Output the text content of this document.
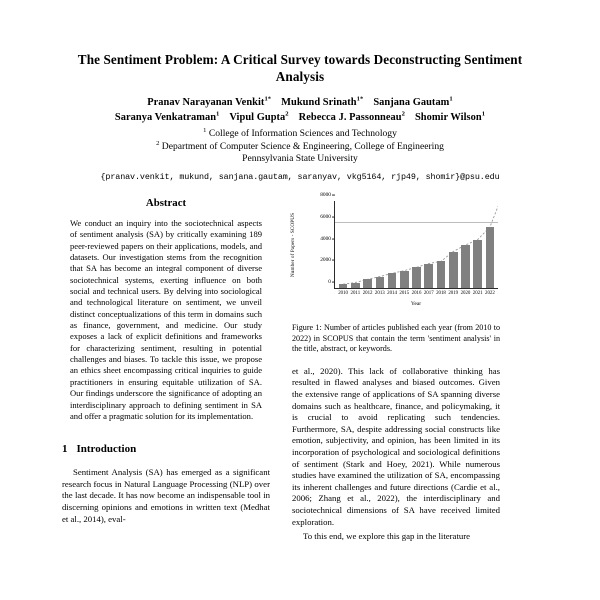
The Sentiment Problem: A Critical Survey towards Deconstructing Sentiment Analysis
Pranav Narayanan Venkit$^{1*}$ Mukund Srinath$^{1*}$ Sanjana Gautam$^1$
Saranya Venkatraman$^1$ Vipul Gupta$^2$ Rebecca J. Passonneau$^2$ Shomir Wilson$^1$
$^1$ College of Information Sciences and Technology
$^2$ Department of Computer Science & Engineering, College of Engineering
Pennsylvania State University
{pranav.venkit, mukund, sanjana.gautam, saranyav, vkg5164, rjp49, shomir}@psu.edu
Abstract

We conduct an inquiry into the sociotechnical aspects of sentiment analysis (SA) by critically examining 189 peer-reviewed papers on their applications, models, and datasets. Our investigation stems from the recognition that SA has become an integral component of diverse sociotechnical systems, exerting influence on both social and technical users. By delving into sociological and technological literature on sentiment, we unveil distinct conceptualizations of this term in domains such as finance, government, and medicine. Our study exposes a lack of explicit definitions and frameworks for characterizing sentiment, resulting in potential challenges and biases. To tackle this issue, we propose an ethics sheet encompassing critical inquiries to guide practitioners in ensuring equitable utilization of SA. Our findings underscore the significance of adopting an interdisciplinary approach to defining sentiment in SA and offer a pragmatic solution for its implementation.

1 Introduction

Sentiment Analysis (SA) has emerged as a significant research focus in Natural Language Processing (NLP) over the last decade. It has now become an indispensable tool in discerning opinions and emotions in written text (Medhat et al., 2014), eval-

Number of Papers - SCOPUS
0
2000
4000
6000
8000
2010 2011 2012 2013 2014 2015 2016 2017 2018 2019 2020 2021 2022
Year
Figure 1: Number of articles published each year (from 2010 to 2022) in SCOPUS that contain the term 'sentiment analysis' in the title, abstract, or keywords.

et al., 2020). This lack of collaborative thinking has resulted in flawed analyses and biased outcomes. Given the extensive range of applications of SA spanning diverse domains such as healthcare, finance, and policymaking, it is crucial to avoid replicating such tendencies. Furthermore, SA, despite addressing social constructs like emotion, subjectivity, and opinion, has been limited in its incorporation of psychological and sociological definitions of sentiment (Stark and Hoey, 2021). While numerous studies have examined the utilization of SA, encompassing its inherent challenges and future directions (Cardie et al., 2006; Zhang et al., 2022), the interdisciplinary and sociotechnical dimensions of SA have received limited exploration.

To this end, we explore this gap in the literature
